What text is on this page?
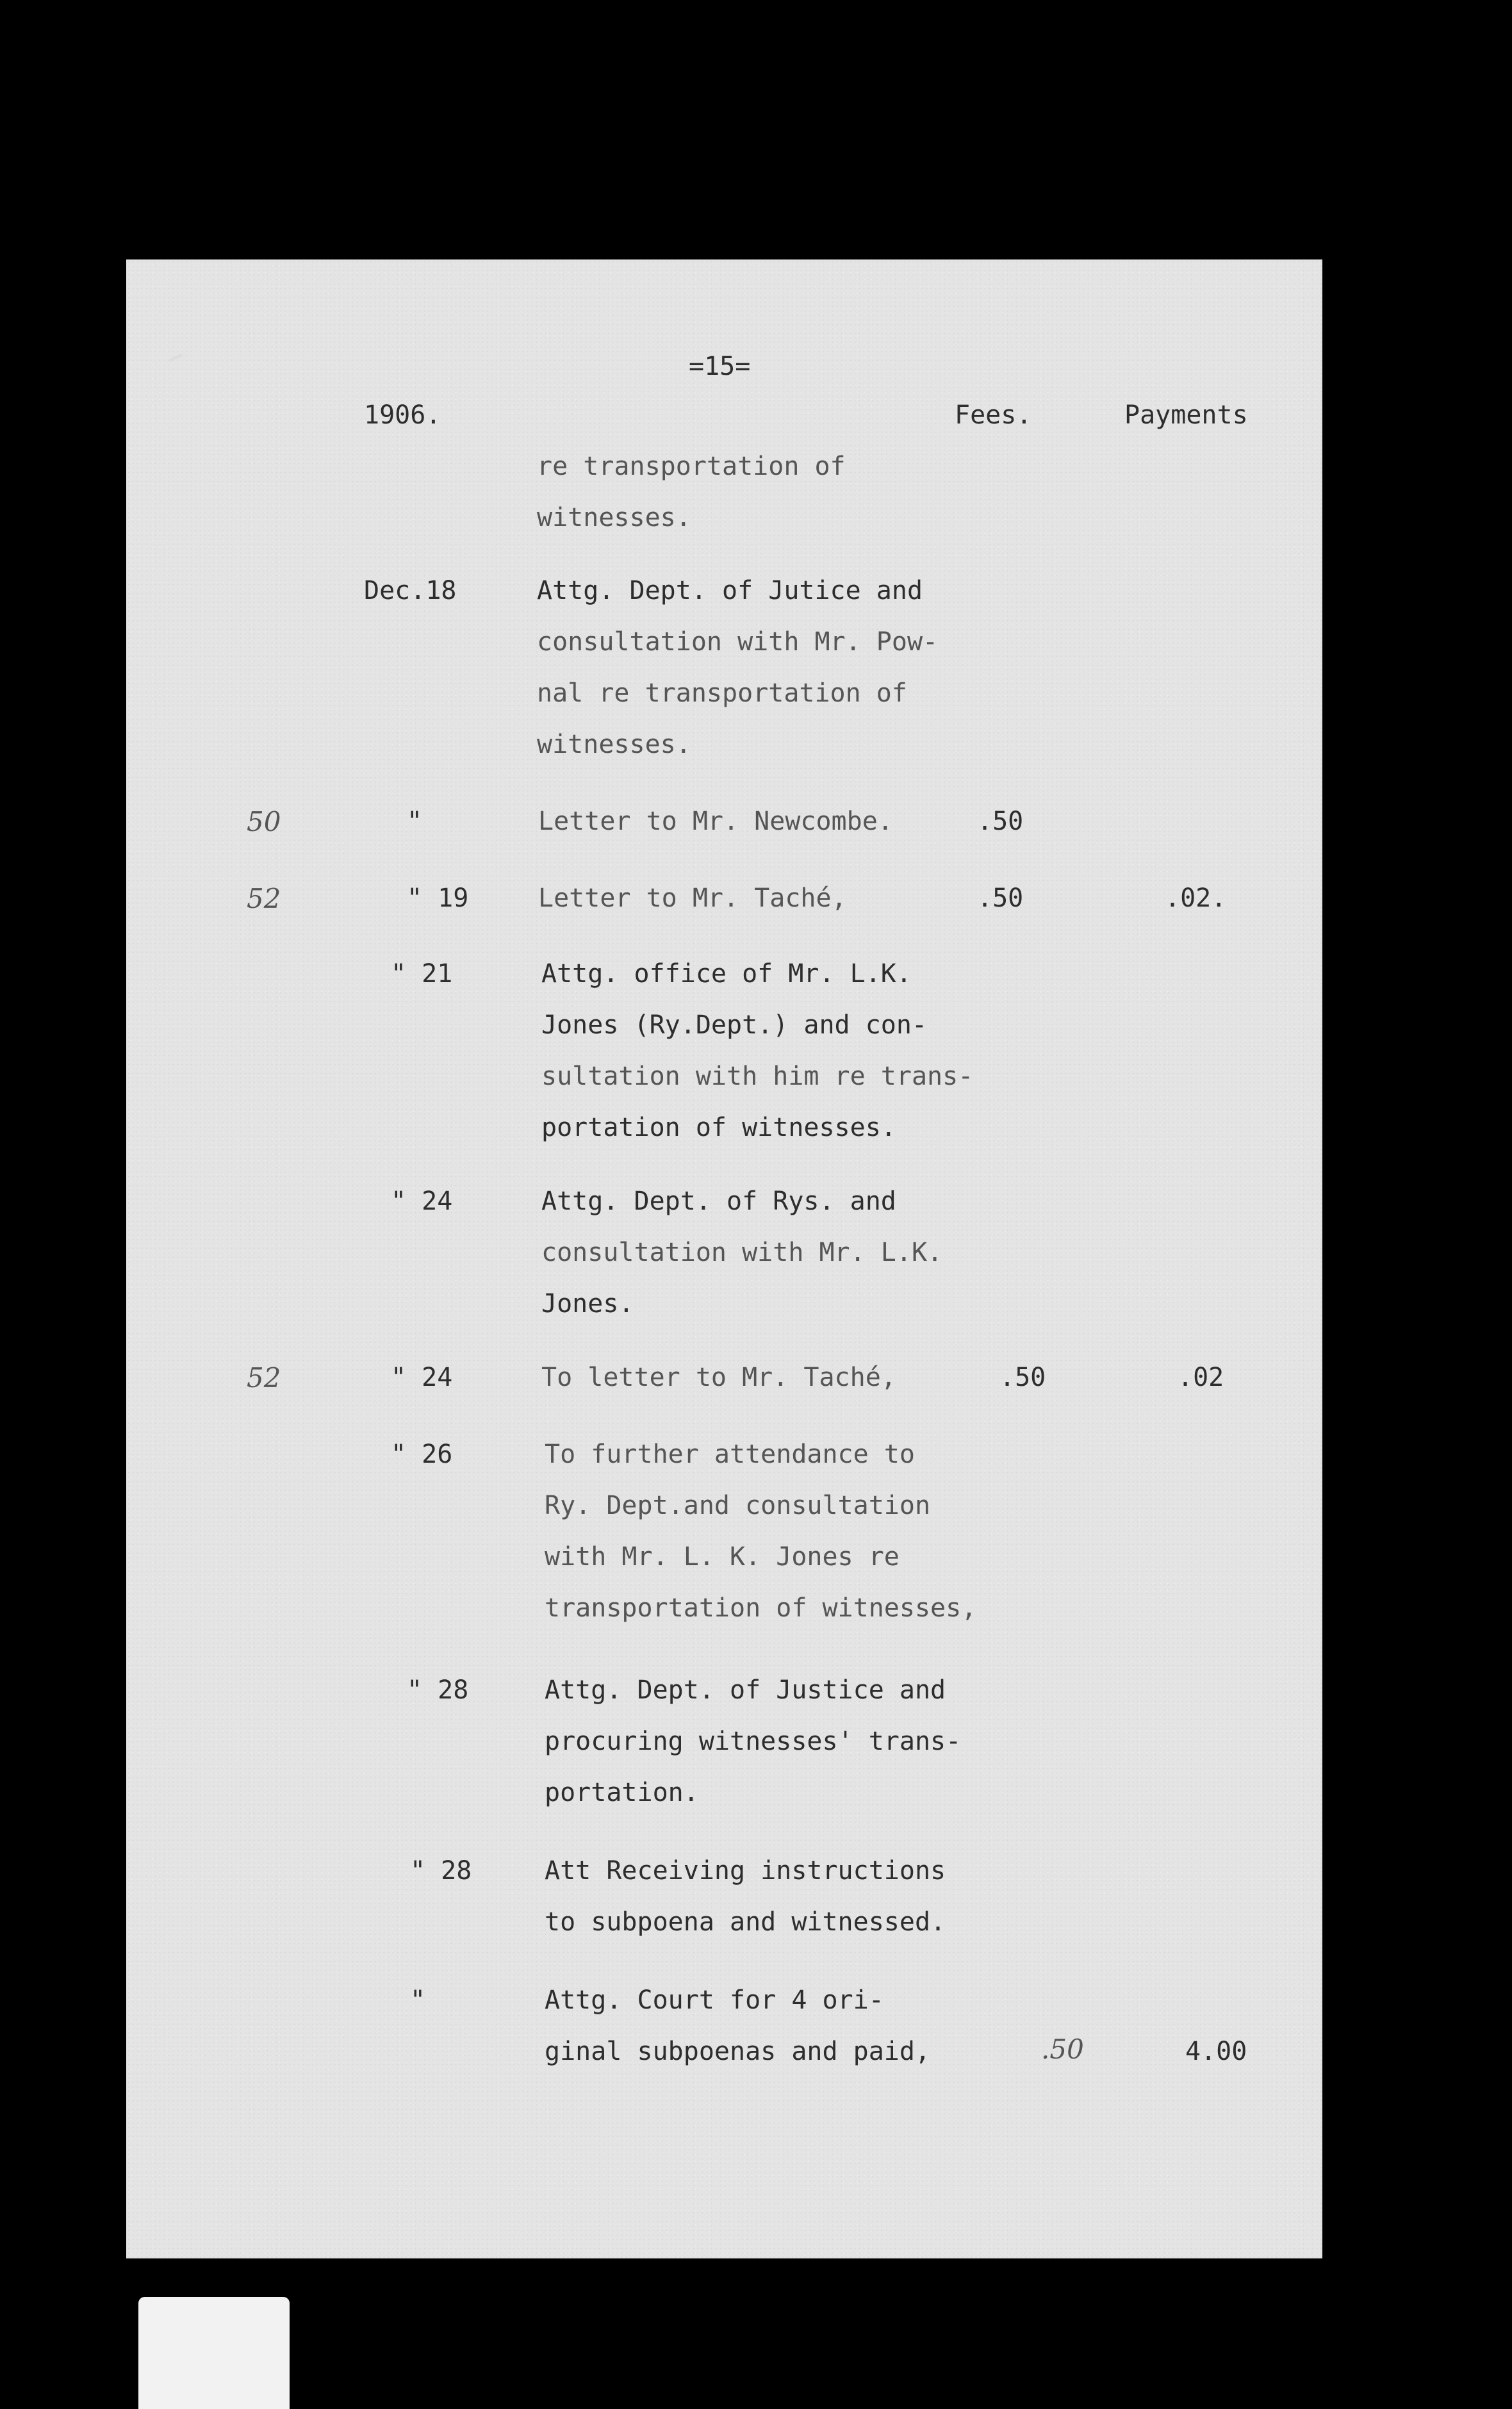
=15=
1906.	Fees.	Payments
re transportation of
witnesses.
Dec.18	Attg. Dept. of Jutice and
consultation with Mr. Pow-
nal re transportation of
witnesses.
50	"	Letter to Mr. Newcombe.	.50
52	" 19	Letter to Mr. Taché,	.50	.02.
" 21	Attg. office of Mr. L.K.
Jones (Ry.Dept.) and con-
sultation with him re trans-
portation of witnesses.
" 24	Attg. Dept. of Rys. and
consultation with Mr. L.K.
Jones.
52	" 24	To letter to Mr. Taché,	.50	.02
" 26	To further attendance to
Ry. Dept.and consultation
with Mr. L. K. Jones re
transportation of witnesses,
" 28	Attg. Dept. of Justice and
procuring witnesses' trans-
portation.
" 28	Att Receiving instructions
to subpoena and witnessed.
"	Attg. Court for 4 ori-
ginal subpoenas and paid,	.50	4.00
